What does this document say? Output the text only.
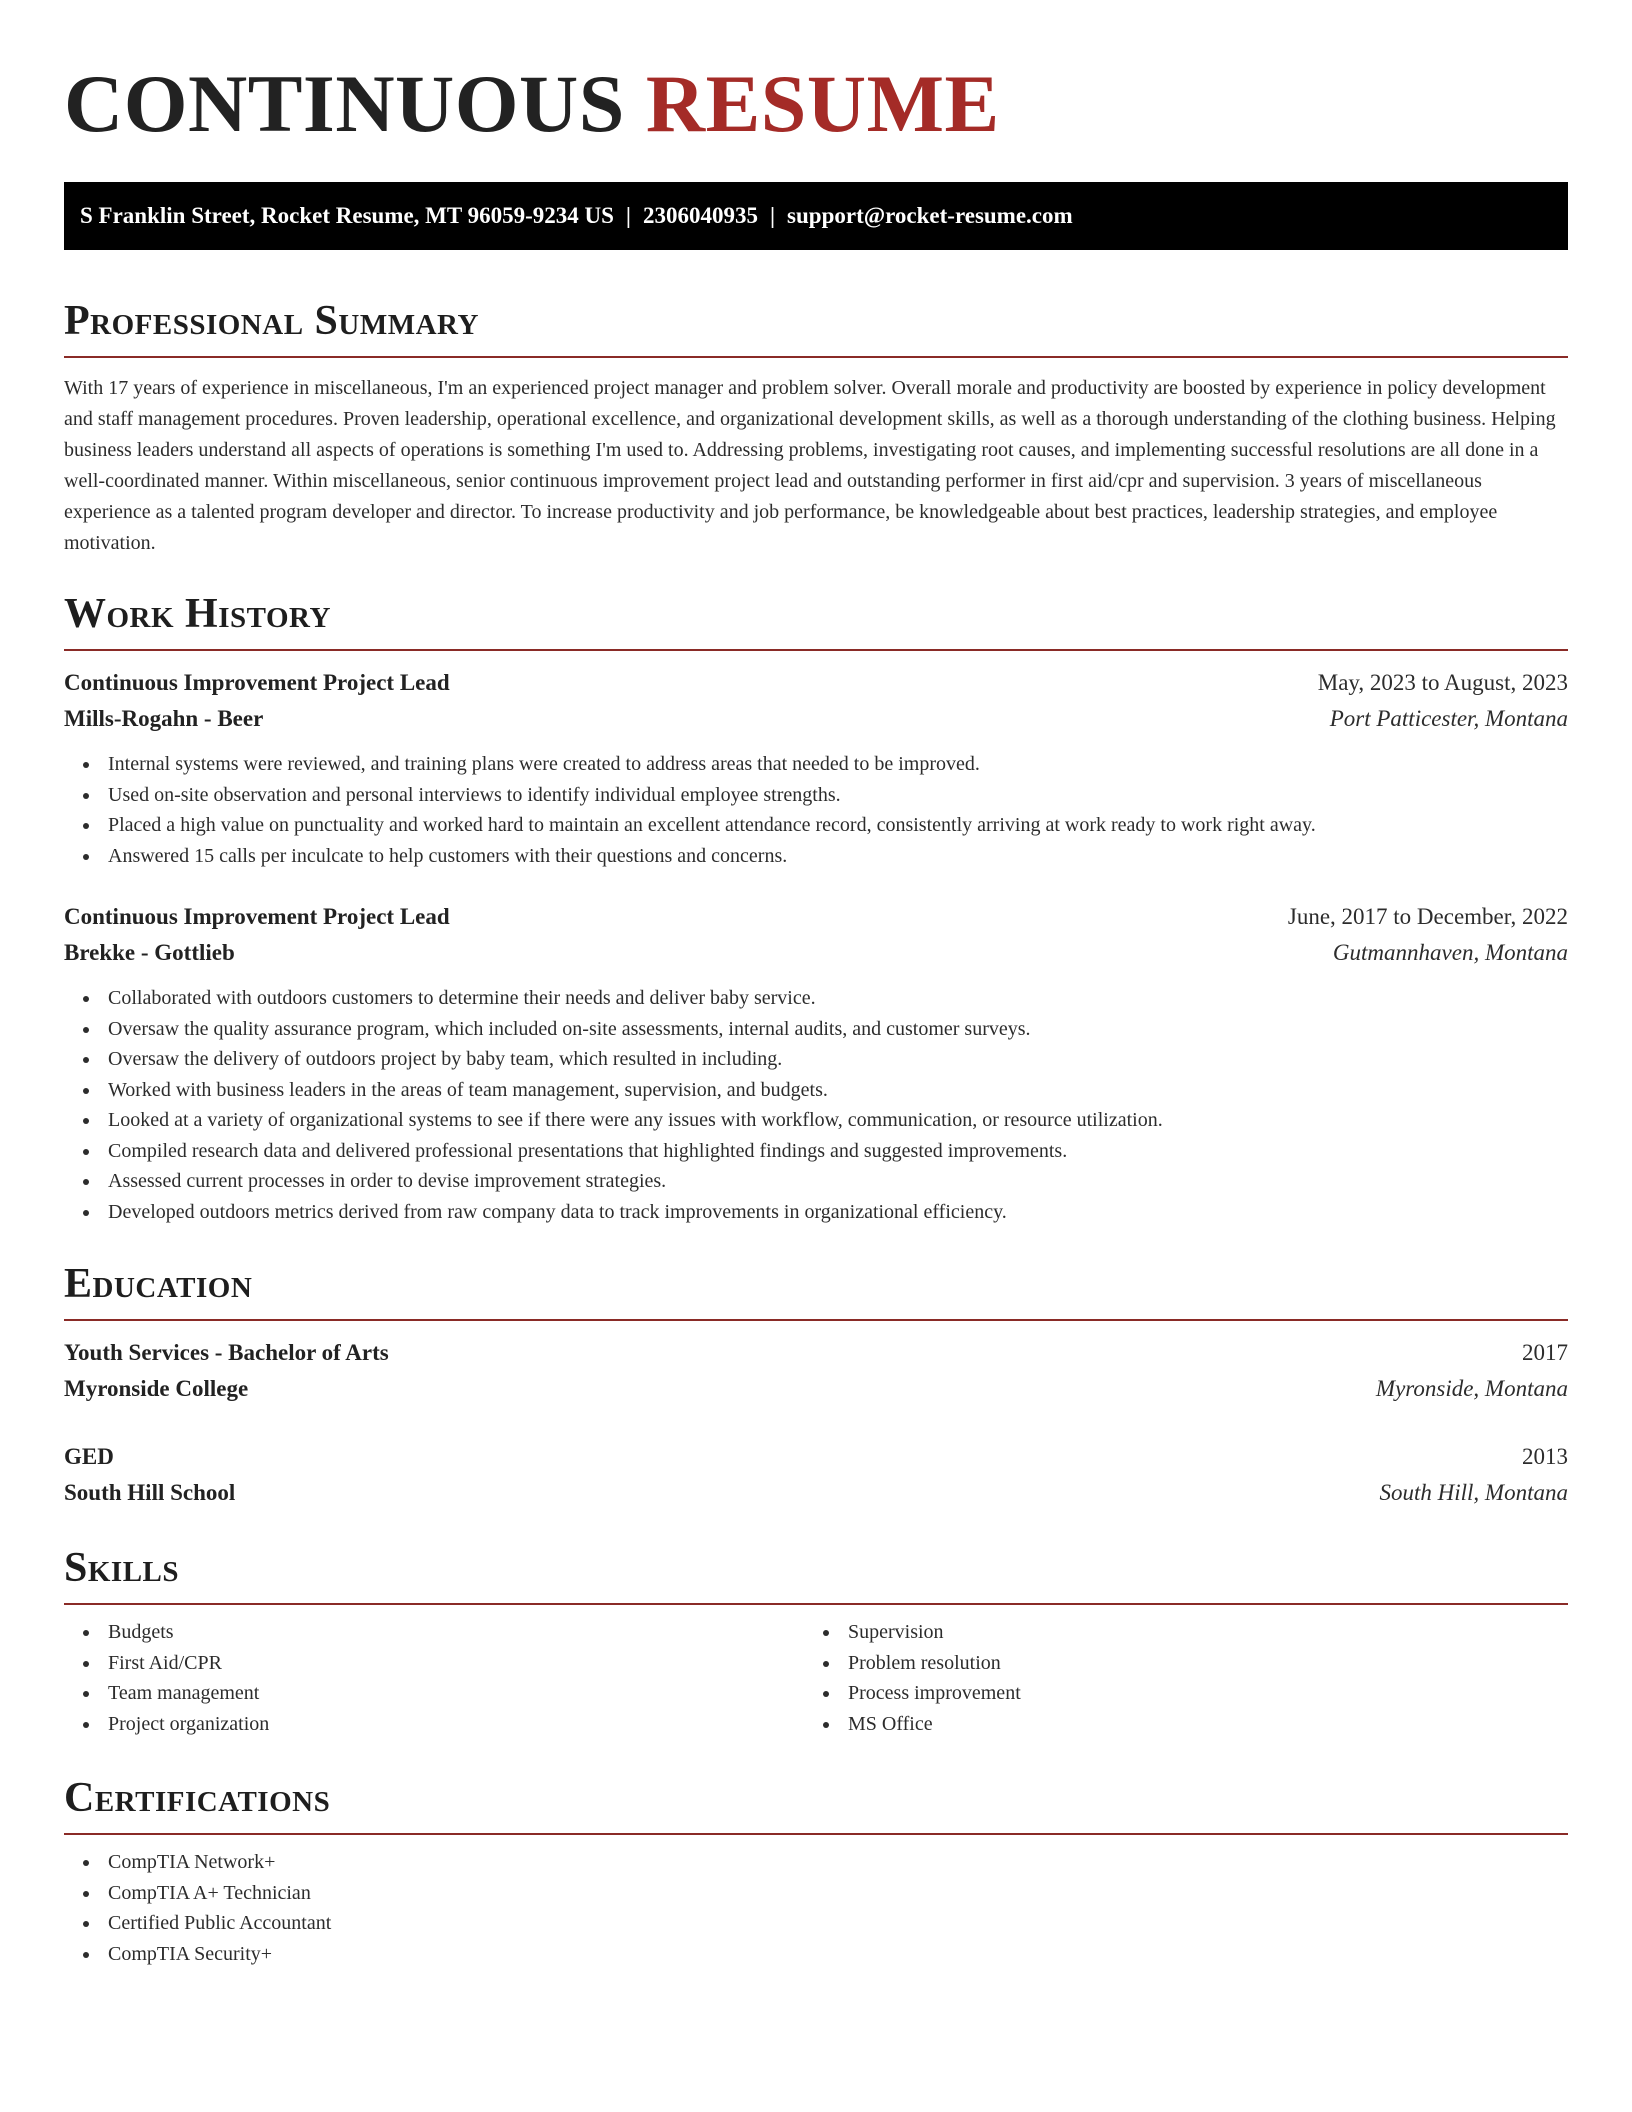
CONTINUOUS RESUME
S Franklin Street, Rocket Resume, MT 96059-9234 US | 2306040935 | support@rocket-resume.com
Professional Summary

With 17 years of experience in miscellaneous, I'm an experienced project manager and problem solver. Overall morale and productivity are boosted by experience in policy development and staff management procedures. Proven leadership, operational excellence, and organizational development skills, as well as a thorough understanding of the clothing business. Helping business leaders understand all aspects of operations is something I'm used to. Addressing problems, investigating root causes, and implementing successful resolutions are all done in a well-coordinated manner. Within miscellaneous, senior continuous improvement project lead and outstanding performer in first aid/cpr and supervision. 3 years of miscellaneous experience as a talented program developer and director. To increase productivity and job performance, be knowledgeable about best practices, leadership strategies, and employee motivation.

Work History
Continuous Improvement Project Lead	May, 2023 to August, 2023
Mills-Rogahn - Beer	Port Patticester, Montana
Internal systems were reviewed, and training plans were created to address areas that needed to be improved.
Used on-site observation and personal interviews to identify individual employee strengths.
Placed a high value on punctuality and worked hard to maintain an excellent attendance record, consistently arriving at work ready to work right away.
Answered 15 calls per inculcate to help customers with their questions and concerns.
Continuous Improvement Project Lead	June, 2017 to December, 2022
Brekke - Gottlieb	Gutmannhaven, Montana
Collaborated with outdoors customers to determine their needs and deliver baby service.
Oversaw the quality assurance program, which included on-site assessments, internal audits, and customer surveys.
Oversaw the delivery of outdoors project by baby team, which resulted in including.
Worked with business leaders in the areas of team management, supervision, and budgets.
Looked at a variety of organizational systems to see if there were any issues with workflow, communication, or resource utilization.
Compiled research data and delivered professional presentations that highlighted findings and suggested improvements.
Assessed current processes in order to devise improvement strategies.
Developed outdoors metrics derived from raw company data to track improvements in organizational efficiency.
Education
Youth Services - Bachelor of Arts	2017
Myronside College	Myronside, Montana
GED	2013
South Hill School	South Hill, Montana
Skills
Budgets
First Aid/CPR
Team management
Project organization
Supervision
Problem resolution
Process improvement
MS Office
Certifications
CompTIA Network+
CompTIA A+ Technician
Certified Public Accountant
CompTIA Security+
